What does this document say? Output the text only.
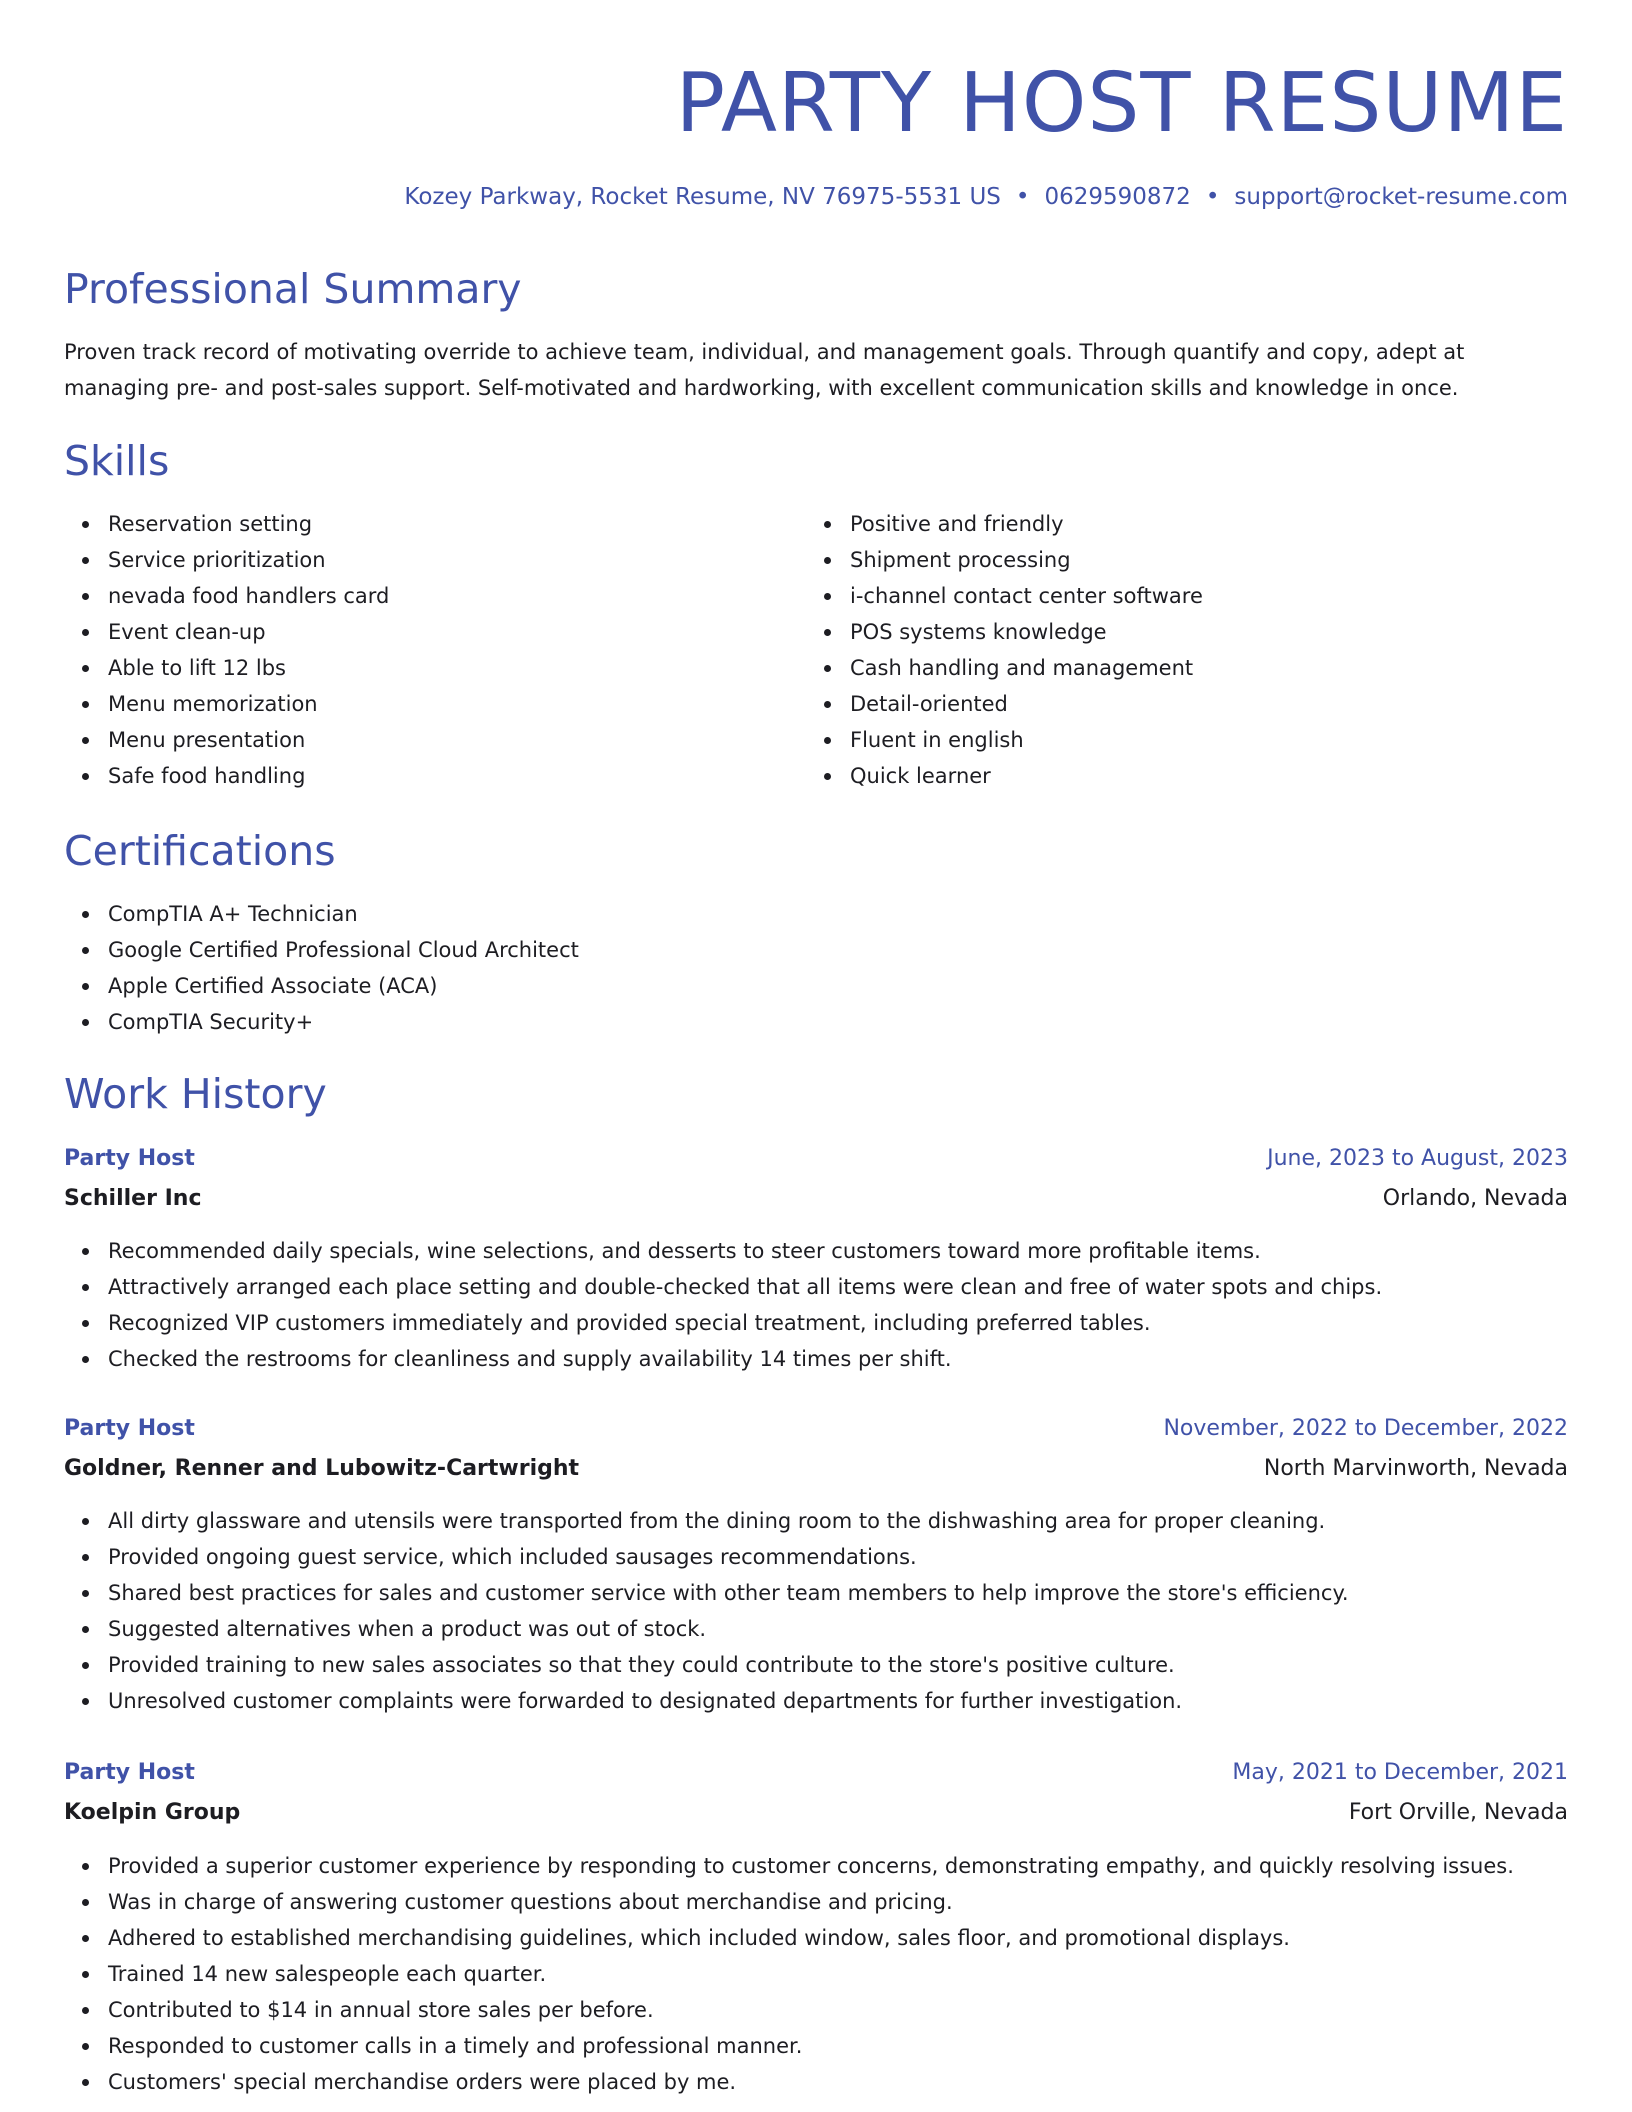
PARTY HOST RESUME
Kozey Parkway, Rocket Resume, NV 76975-5531 US • 0629590872 • support@rocket-resume.com
Professional Summary

Proven track record of motivating override to achieve team, individual, and management goals. Through quantify and copy, adept at managing pre- and post-sales support. Self-motivated and hardworking, with excellent communication skills and knowledge in once.

Skills
Reservation setting
Service prioritization
nevada food handlers card
Event clean-up
Able to lift 12 lbs
Menu memorization
Menu presentation
Safe food handling
Positive and friendly
Shipment processing
i-channel contact center software
POS systems knowledge
Cash handling and management
Detail-oriented
Fluent in english
Quick learner
Certifications
CompTIA A+ Technician
Google Certified Professional Cloud Architect
Apple Certified Associate (ACA)
CompTIA Security+
Work History
Party Host	June, 2023 to August, 2023
Schiller Inc	Orlando, Nevada
Recommended daily specials, wine selections, and desserts to steer customers toward more profitable items.
Attractively arranged each place setting and double-checked that all items were clean and free of water spots and chips.
Recognized VIP customers immediately and provided special treatment, including preferred tables.
Checked the restrooms for cleanliness and supply availability 14 times per shift.
Party Host	November, 2022 to December, 2022
Goldner, Renner and Lubowitz-Cartwright	North Marvinworth, Nevada
All dirty glassware and utensils were transported from the dining room to the dishwashing area for proper cleaning.
Provided ongoing guest service, which included sausages recommendations.
Shared best practices for sales and customer service with other team members to help improve the store's efficiency.
Suggested alternatives when a product was out of stock.
Provided training to new sales associates so that they could contribute to the store's positive culture.
Unresolved customer complaints were forwarded to designated departments for further investigation.
Party Host	May, 2021 to December, 2021
Koelpin Group	Fort Orville, Nevada
Provided a superior customer experience by responding to customer concerns, demonstrating empathy, and quickly resolving issues.
Was in charge of answering customer questions about merchandise and pricing.
Adhered to established merchandising guidelines, which included window, sales floor, and promotional displays.
Trained 14 new salespeople each quarter.
Contributed to $14 in annual store sales per before.
Responded to customer calls in a timely and professional manner.
Customers' special merchandise orders were placed by me.
